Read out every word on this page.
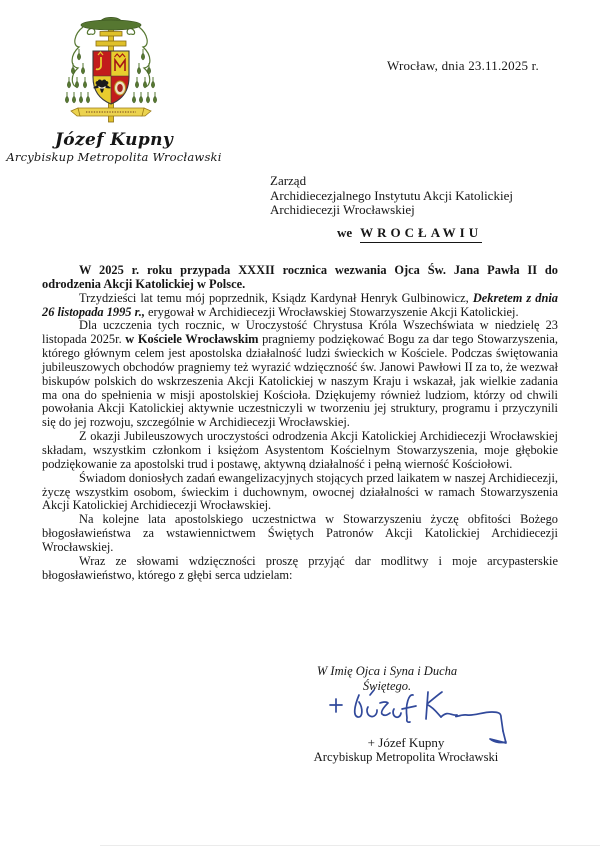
Józef Kupny
Arcybiskup Metropolita Wrocławski
Wrocław, dnia 23.11.2025 r.
Zarząd
Archidiecezjalnego Instytutu Akcji Katolickiej
Archidiecezji Wrocławskiej
we WROCŁAWIU

W 2025 r. roku przypada XXXII rocznica wezwania Ojca Św. Jana Pawła II do odrodzenia Akcji Katolickiej w Polsce.

Trzydzieści lat temu mój poprzednik, Ksiądz Kardynał Henryk Gulbinowicz, Dekretem z dnia 26 listopada 1995 r., erygował w Archidiecezji Wrocławskiej Stowarzyszenie Akcji Katolickiej.

Dla uczczenia tych rocznic, w Uroczystość Chrystusa Króla Wszechświata w niedzielę 23 listopada 2025r. w Kościele Wrocławskim pragniemy podziękować Bogu za dar tego Stowarzyszenia, którego głównym celem jest apostolska działalność ludzi świeckich w Kościele. Podczas świętowania jubileuszowych obchodów pragniemy też wyrazić wdzięczność św. Janowi Pawłowi II za to, że wezwał biskupów polskich do wskrzeszenia Akcji Katolickiej w naszym Kraju i wskazał, jak wielkie zadania ma ona do spełnienia w misji apostolskiej Kościoła. Dziękujemy również ludziom, którzy od chwili powołania Akcji Katolickiej aktywnie uczestniczyli w tworzeniu jej struktury, programu i przyczynili się do jej rozwoju, szczególnie w Archidiecezji Wrocławskiej.

Z okazji Jubileuszowych uroczystości odrodzenia Akcji Katolickiej Archidiecezji Wrocławskiej składam, wszystkim członkom i księżom Asystentom Kościelnym Stowarzyszenia, moje głębokie podziękowanie za apostolski trud i postawę, aktywną działalność i pełną wierność Kościołowi.

Świadom doniosłych zadań ewangelizacyjnych stojących przed laikatem w naszej Archidiecezji, życzę wszystkim osobom, świeckim i duchownym, owocnej działalności w ramach Stowarzyszenia Akcji Katolickiej Archidiecezji Wrocławskiej.

Na kolejne lata apostolskiego uczestnictwa w Stowarzyszeniu życzę obfitości Bożego błogosławieństwa za wstawiennictwem Świętych Patronów Akcji Katolickiej Archidiecezji Wrocławskiej.

Wraz ze słowami wdzięczności proszę przyjąć dar modlitwy i moje arcypasterskie błogosławieństwo, którego z głębi serca udzielam:

W Imię Ojca i Syna i Ducha Świętego.
+ Józef Kupny
Arcybiskup Metropolita Wrocławski
